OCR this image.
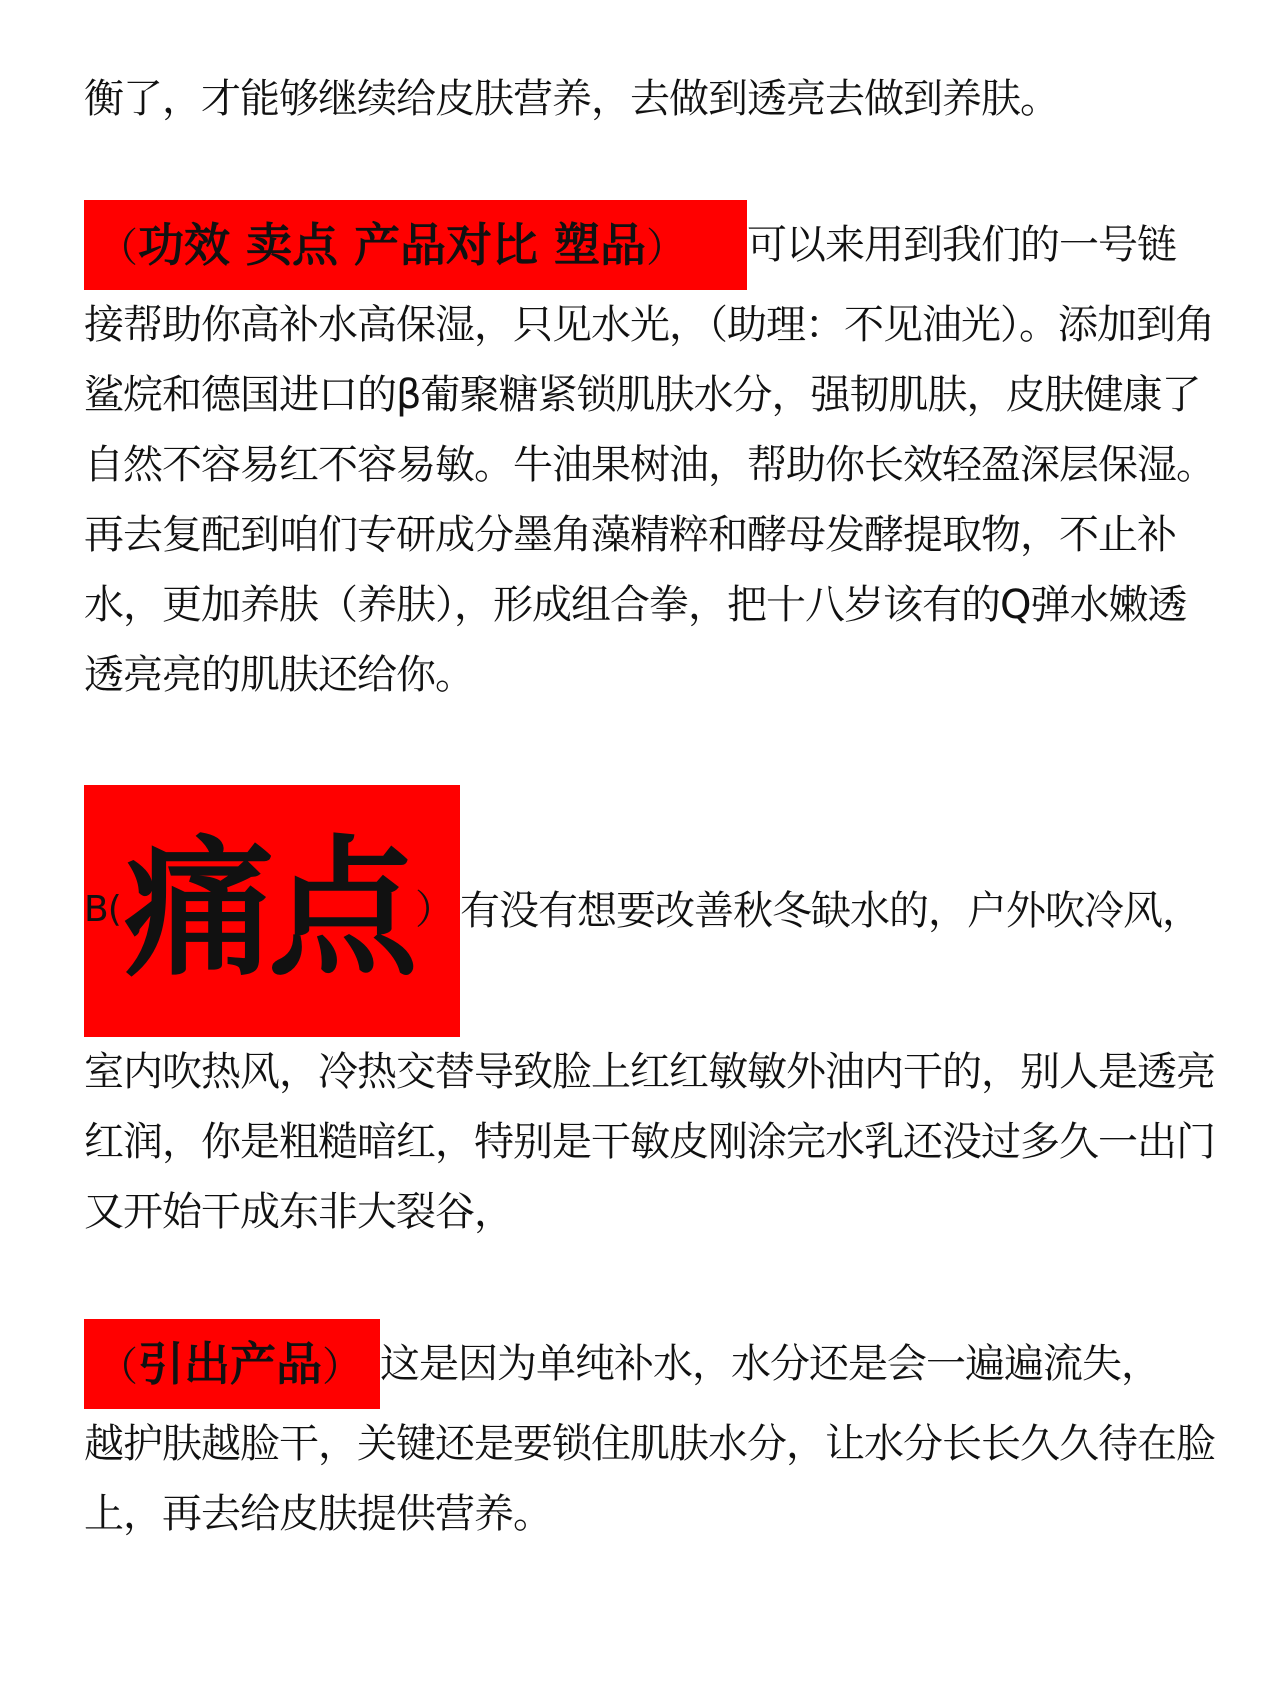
衡了，才能够继续给皮肤营养，去做到透亮去做到养肤。

（功效 卖点 产品对比 塑品） 可以来用到我们的一号链
接帮助你高补水高保湿，只见水光，（助理：不见油光）。添加到角鲨烷和德国进口的β葡聚糖紧锁肌肤水分，强韧肌肤，皮肤健康了自然不容易红不容易敏。牛油果树油，帮助你长效轻盈深层保湿。再去复配到咱们专研成分墨角藻精粹和酵母发酵提取物，不止补水，更加养肤（养肤），形成组合拳，把十八岁该有的Q弹水嫩透透亮亮的肌肤还给你。

B( 痛点 ） 有没有想要改善秋冬缺水的，户外吹冷风，
室内吹热风，冷热交替导致脸上红红敏敏外油内干的，别人是透亮红润，你是粗糙暗红，特别是干敏皮刚涂完水乳还没过多久一出门又开始干成东非大裂谷，

（引出产品） 这是因为单纯补水，水分还是会一遍遍流失，
越护肤越脸干，关键还是要锁住肌肤水分，让水分长长久久待在脸上，再去给皮肤提供营养。
